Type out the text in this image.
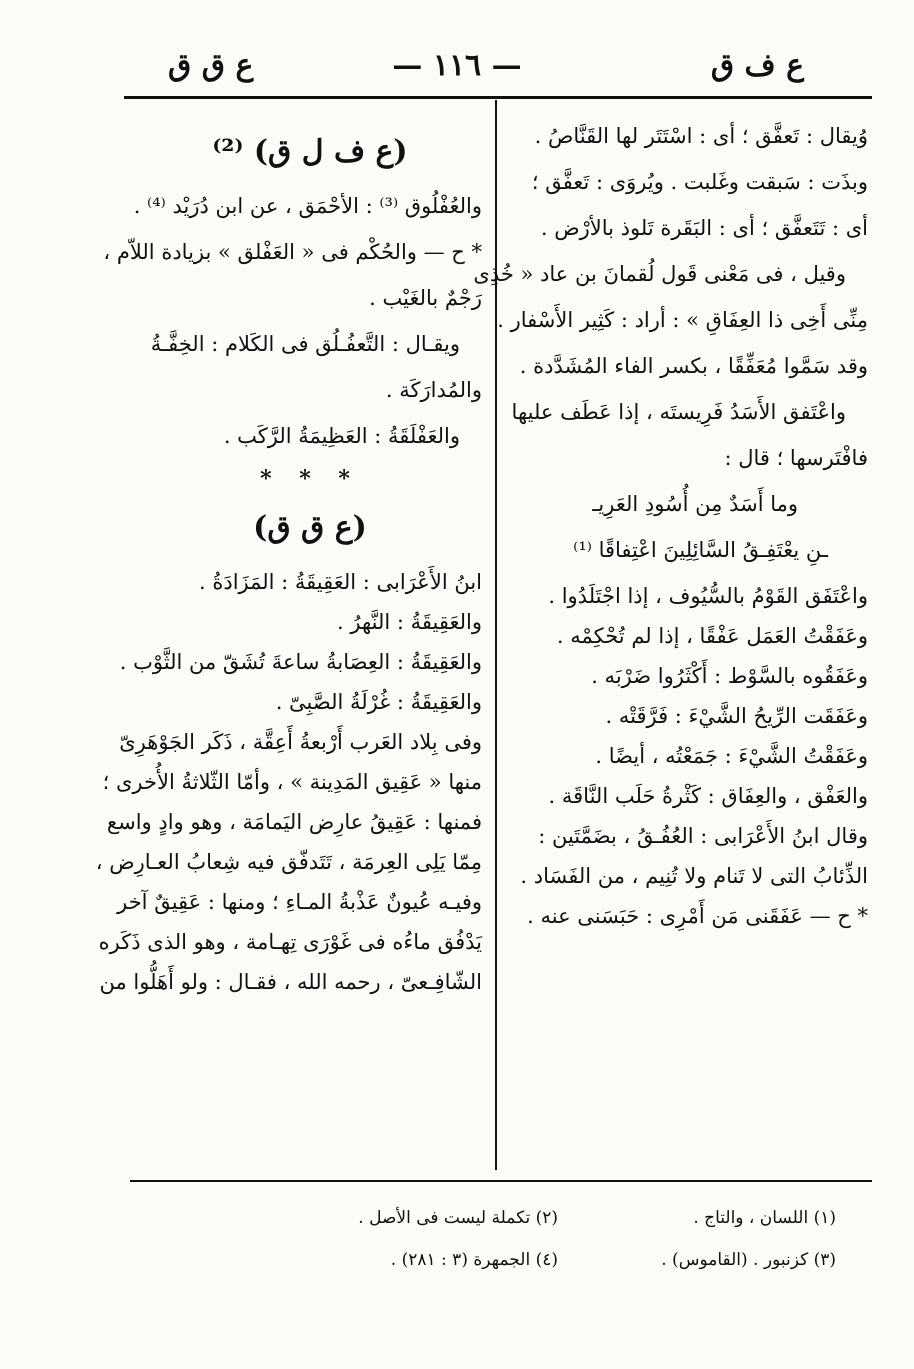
ع ف ق
— ١١٦ —
ع ق ق
وُيقال : تَعفَّق ؛ أى : اسْتَتَر لها القَنَّاصُ .
وبذَت : سَبقت وغَلبت . ويُروَى : تَعفَّق ؛
أى : تَتَعفَّق ؛ أى : البَقَرة تَلوذ بالأرْض .
وقيل ، فى مَعْنى قَول لُقمانَ بن عاد « خُذِى
مِنِّى أَخِى ذا العِفَاقِ » : أراد : كَثِير الأَسْفار .
وقد سَمَّوا مُعَفِّقًا ، بكسر الفاء المُشَدَّدة .
واعْتَفق الأَسَدُ فَرِيستَه ، إذا عَطَف عليها
فافْتَرسها ؛ قال :
وما أَسَدٌ مِن أُسُودِ العَرِيـ
ـنِ يعْتَفِـقُ السَّائِلِينَ اعْتِفاقًا ⁽¹⁾
واعْتَفَق القَوْمُ بالسُّيُوف ، إذا اجْتَلَدُوا .
وعَفَقْتُ العَمَل عَفْقًا ، إذا لم تُحْكِمْه .
وعَفَقُوه بالسَّوْط : أَكْثَرُوا ضَرْبَه .
وعَفَقَت الرِّيحُ الشَّيْءَ : فَرَّقَتْه .
وعَفَقْتُ الشَّيْءَ : جَمَعْتُه ، أيضًا .
والعَفْق ، والعِفَاق : كَثْرةُ حَلَب النَّاقَة .
وقال ابنُ الأَعْرَابى : العُفُـقُ ، بضَمَّتَين :
الذِّئابُ التى لا تَنام ولا تُنِيم ، من الفَسَاد .
* ح — عَفَقَنى مَن أَمْرِى : حَبَسَنى عنه .
(ع ف ل ق) ⁽²⁾
والعُفْلُوق ⁽³⁾ : الأحْمَق ، عن ابن دُرَيْد ⁽⁴⁾ .
* ح — والحُكْم فى « العَفْلق » بزيادة اللاّم ،
رَجْمٌ بالغَيْب .
ويقـال : التَّعفُـلُق فى الكَلام : الخِفَّـةُ
والمُدارَكَة .
والعَفْلَقَةُ : العَظِيمَةُ الرَّكَب .
* * *
(ع ق ق)
ابنُ الأَعْرَابى : العَقِيقَةُ : المَزَادَةُ .
والعَقِيقَةُ : النَّهرُ .
والعَقِيقَةُ : العِصَابةُ ساعةَ تُشَقّ من الثَّوْب .
والعَقِيقَةُ : غُرْلَةُ الصَّبِىّ .
وفى بِلاد العَرب أَرْبعةُ أَعِقَّة ، ذَكَر الجَوْهَرِىّ
منها « عَقِيق المَدِينة » ، وأمّا الثّلاثةُ الأُخرى ؛
فمنها : عَقِيقُ عارِض اليَمامَة ، وهو وادٍ واسع
مِمّا يَلِى العِرمَة ، تَتَدفّق فيه شِعابُ العـارِض ،
وفيـه عُيونٌ عَذْبةُ المـاءِ ؛ ومنها : عَقِيقٌ آخر
يَدْفُق ماءُه فى غَوْرَى تِهـامة ، وهو الذى ذَكَره
الشّافِـعىّ ، رحمه الله ، فقـال : ولو أَهَلُّوا من
(١) اللسان ، والتاج .
(٢) تكملة ليست فى الأصل .
(٣) كزنبور . (القاموس) .
(٤) الجمهرة (٣ : ٢٨١) .
